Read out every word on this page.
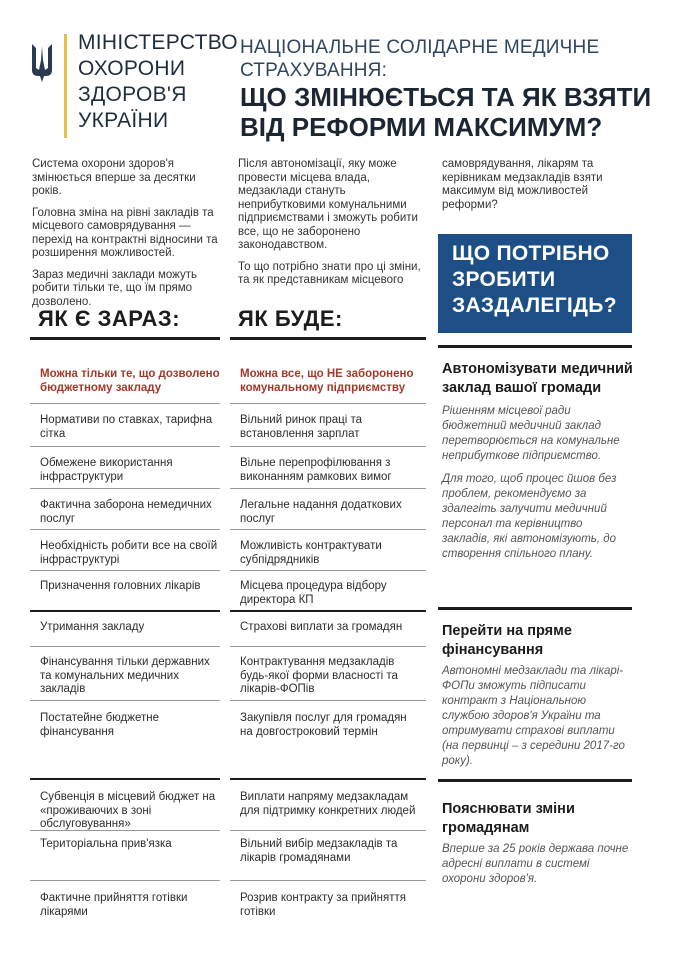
МІНІСТЕРСТВО
ОХОРОНИ
ЗДОРОВ'Я
УКРАЇНИ
НАЦІОНАЛЬНЕ СОЛІДАРНЕ МЕДИЧНЕ
СТРАХУВАННЯ:
ЩО ЗМІНЮЄТЬСЯ ТА ЯК ВЗЯТИ
ВІД РЕФОРМИ МАКСИМУМ?

Система охорони здоров'я змінюється вперше за десятки років.

Головна зміна на рівні закладів та місцевого самоврядування — перехід на контрактні відносини та розширення можливостей.

Зараз медичні заклади можуть робити тільки те, що їм прямо дозволено.

Після автономізації, яку може провести місцева влада, медзаклади стануть неприбутковими комунальними підприємствами і зможуть робити все, що не заборонено законодавством.

То що потрібно знати про ці зміни, та як представникам місцевого

самоврядування, лікарям та керівникам медзакладів взяти максимум від можливостей реформи?

ЩО ПОТРІБНО
ЗРОБИТИ
ЗАЗДАЛЕГІДЬ?
ЯК Є ЗАРАЗ:	ЯК БУДЕ:
Можна тільки те, що дозволено бюджетному закладу
Можна все, що НЕ заборонено комунальному підприємству
Нормативи по ставках, тарифна сітка
Обмежене використання інфраструктури
Фактична заборона немедичних послуг
Необхідність робити все на своїй інфраструктурі
Призначення головних лікарів
Утримання закладу
Фінансування тільки державних та комунальних медичних закладів
Постатейне бюджетне фінансування
Субвенція в місцевий бюджет на «проживаючих в зоні обслуговування»
Територіальна прив'язка
Фактичне прийняття готівки лікарями
Вільний ринок праці та встановлення зарплат
Вільне перепрофілювання з виконанням рамкових вимог
Легальне надання додаткових послуг
Можливість контрактувати субпідрядників
Місцева процедура відбору директора КП
Страхові виплати за громадян
Контрактування медзакладів будь-якої форми власності та лікарів-ФОПів
Закупівля послуг для громадян на довгостроковий термін
Виплати напряму медзакладам для підтримку конкретних людей
Вільний вибір медзакладів та лікарів громадянами
Розрив контракту за прийняття готівки
Автономізувати медичний заклад вашої громади

Рішенням місцевої ради бюджетний медичний заклад перетворюється на комунальне неприбуткове підприємство.

Для того, щоб процес йшов без проблем, рекомендуємо за здалегіть залучити медичний персонал та керівництво закладів, які автономізують, до створення спільного плану.

Перейти на пряме фінансування

Автономні медзаклади та лікарі-ФОПи зможуть підписати контракт з Національною службою здоров'я України та отримувати страхові виплати (на первинці – з середини 2017-го року).

Пояснювати зміни громадянам

Вперше за 25 років держава почне адресні виплати в системі охорони здоров'я.
